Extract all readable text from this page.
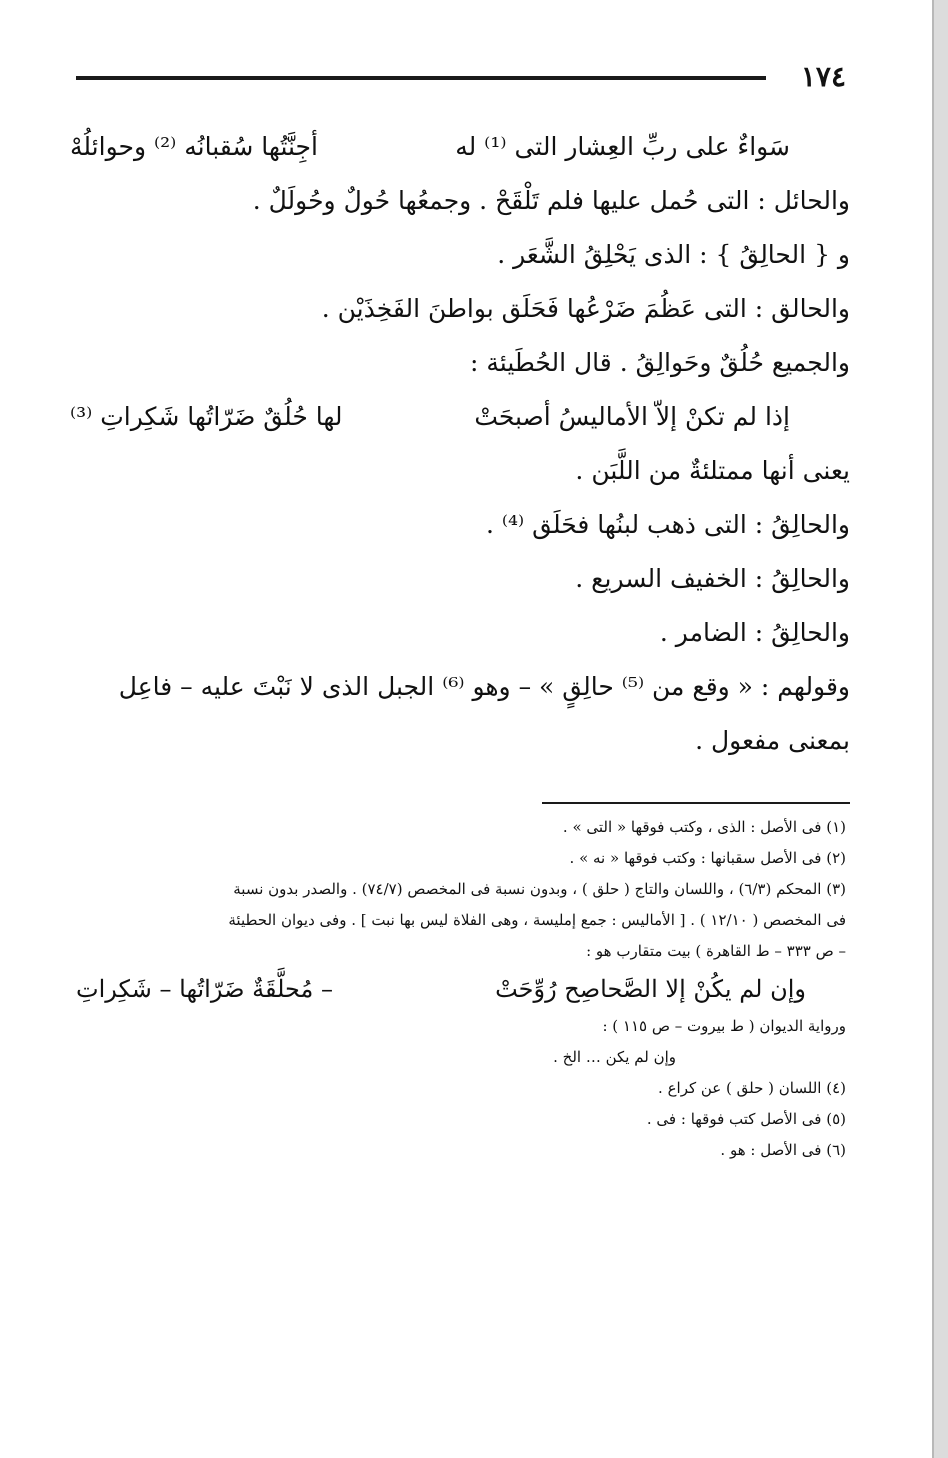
١٧٤
سَواءٌ على ربِّ العِشار التى ⁽¹⁾ له
أجِنَّتُها سُقبانُه ⁽²⁾ وحوائلُهْ
والحائل : التى حُمل عليها فلم تَلْقَحْ . وجمعُها حُولٌ وحُولَلٌ .
و { الحالِقُ } : الذى يَحْلِقُ الشَّعَر .
والحالق : التى عَظُمَ ضَرْعُها فَحَلَق بواطنَ الفَخِذَيْن .
والجميع حُلُقٌ وحَوالِقُ . قال الحُطَيئة :
إذا لم تكنْ إلاّ الأماليسُ أصبحَتْ
لها حُلُقٌ ضَرّاتُها شَكِراتِ ⁽³⁾
يعنى أنها ممتلئةٌ من اللَّبَن .
والحالِقُ : التى ذهب لبنُها فحَلَق ⁽⁴⁾ .
والحالِقُ : الخفيف السريع .
والحالِقُ : الضامر .
وقولهم : « وقع من ⁽⁵⁾ حالِقٍ » – وهو ⁽⁶⁾ الجبل الذى لا نَبْتَ عليه – فاعِل
بمعنى مفعول .
(١) فى الأصل : الذى ، وكتب فوقها « التى » .
(٢) فى الأصل سقبانها : وكتب فوقها « نه » .
(٣) المحكم (٦/٣) ، واللسان والتاج ( حلق ) ، وبدون نسبة فى المخصص (٧٤/٧) . والصدر بدون نسبة
فى المخصص ( ١٢/١٠ ) . [ الأماليس : جمع إمليسة ، وهى الفلاة ليس بها نبت ] . وفى ديوان الحطيئة
– ص ٣٣٣ – ط القاهرة ) بيت متقارب هو :
وإن لم يكُنْ إلا الصَّحاصِح رُوِّحَتْ
– مُحلَّقَةٌ ضَرّاتُها – شَكِراتِ
ورواية الديوان ( ط بيروت – ص ١١٥ ) :
وإن لم يكن … الخ .
(٤) اللسان ( حلق ) عن كراع .
(٥) فى الأصل كتب فوقها : فى .
(٦) فى الأصل : هو .
